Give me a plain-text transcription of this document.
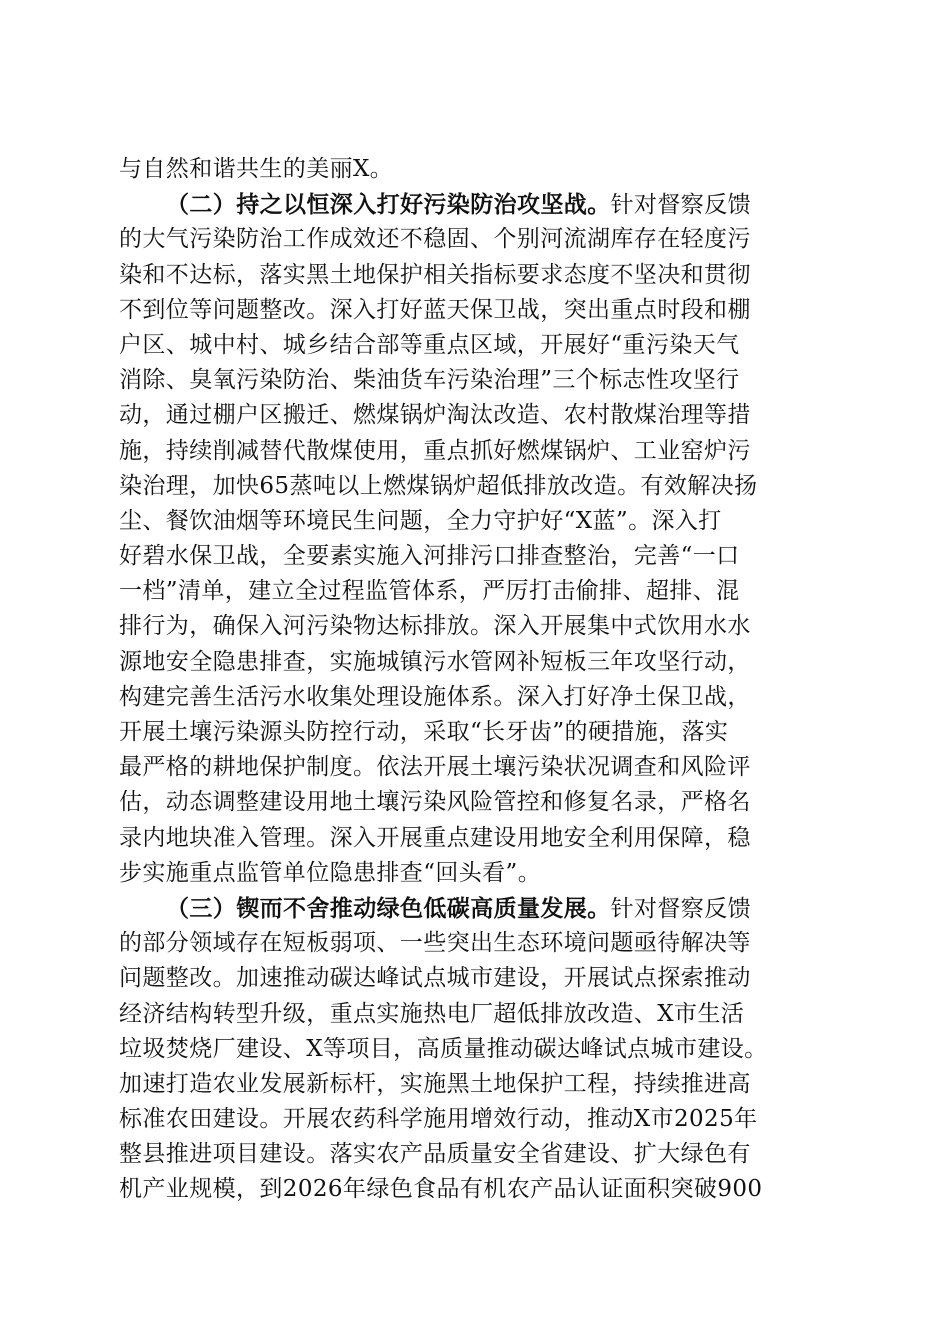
与自然和谐共生的美丽X。
（二）持之以恒深入打好污染防治攻坚战。针对督察反馈
的大气污染防治工作成效还不稳固、个别河流湖库存在轻度污
染和不达标，落实黑土地保护相关指标要求态度不坚决和贯彻
不到位等问题整改。深入打好蓝天保卫战，突出重点时段和棚
户区、城中村、城乡结合部等重点区域，开展好“重污染天气
消除、臭氧污染防治、柴油货车污染治理”三个标志性攻坚行
动，通过棚户区搬迁、燃煤锅炉淘汰改造、农村散煤治理等措
施，持续削减替代散煤使用，重点抓好燃煤锅炉、工业窑炉污
染治理，加快65蒸吨以上燃煤锅炉超低排放改造。有效解决扬
尘、餐饮油烟等环境民生问题，全力守护好“X蓝”。深入打
好碧水保卫战，全要素实施入河排污口排查整治，完善“一口
一档”清单，建立全过程监管体系，严厉打击偷排、超排、混
排行为，确保入河污染物达标排放。深入开展集中式饮用水水
源地安全隐患排查，实施城镇污水管网补短板三年攻坚行动，
构建完善生活污水收集处理设施体系。深入打好净土保卫战，
开展土壤污染源头防控行动，采取“长牙齿”的硬措施，落实
最严格的耕地保护制度。依法开展土壤污染状况调查和风险评
估，动态调整建设用地土壤污染风险管控和修复名录，严格名
录内地块准入管理。深入开展重点建设用地安全利用保障，稳
步实施重点监管单位隐患排查“回头看”。
（三）锲而不舍推动绿色低碳高质量发展。针对督察反馈
的部分领域存在短板弱项、一些突出生态环境问题亟待解决等
问题整改。加速推动碳达峰试点城市建设，开展试点探索推动
经济结构转型升级，重点实施热电厂超低排放改造、X市生活
垃圾焚烧厂建设、X等项目，高质量推动碳达峰试点城市建设。
加速打造农业发展新标杆，实施黑土地保护工程，持续推进高
标准农田建设。开展农药科学施用增效行动，推动X市2025年
整县推进项目建设。落实农产品质量安全省建设、扩大绿色有
机产业规模，到2026年绿色食品有机农产品认证面积突破900
